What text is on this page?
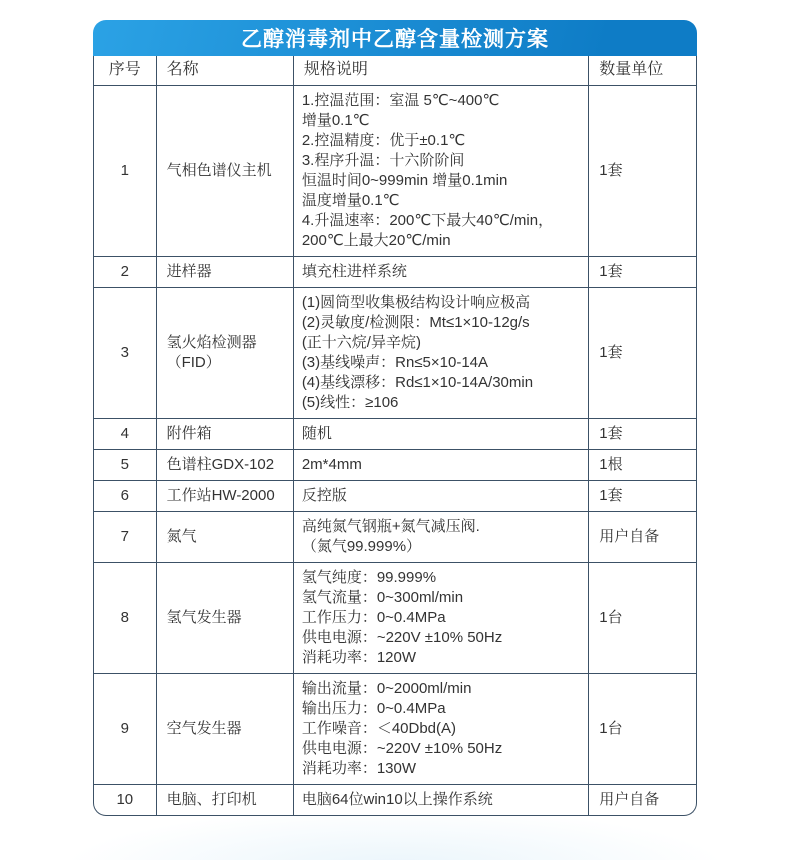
乙醇消毒剂中乙醇含量检测方案
序号	名称	规格说明	数量单位
1	气相色谱仪主机	1.控温范围：室温 5℃~400℃
增量0.1℃
2.控温精度：优于±0.1℃
3.程序升温：十六阶阶间
恒温时间0~999min 增量0.1min
温度增量0.1℃
4.升温速率：200℃下最大40℃/min，
200℃上最大20℃/min	1套
2	进样器	填充柱进样系统	1套
3	氢火焰检测器（FID）	(1)圆筒型收集极结构设计响应极高
(2)灵敏度/检测限：Mt≤1×10-12g/s
(正十六烷/异辛烷)
(3)基线噪声：Rn≤5×10-14A
(4)基线漂移：Rd≤1×10-14A/30min
(5)线性：≥106	1套
4	附件箱	随机	1套
5	色谱柱GDX-102	2m*4mm	1根
6	工作站HW-2000	反控版	1套
7	氮气	高纯氮气钢瓶+氮气减压阀.
（氮气99.999%）	用户自备
8	氢气发生器	氢气纯度：99.999%
氢气流量：0~300ml/min
工作压力：0~0.4MPa
供电电源：~220V ±10% 50Hz
消耗功率：120W	1台
9	空气发生器	输出流量：0~2000ml/min
输出压力：0~0.4MPa
工作噪音：＜40Dbd(A)
供电电源：~220V ±10% 50Hz
消耗功率：130W	1台
10	电脑、打印机	电脑64位win10以上操作系统	用户自备
